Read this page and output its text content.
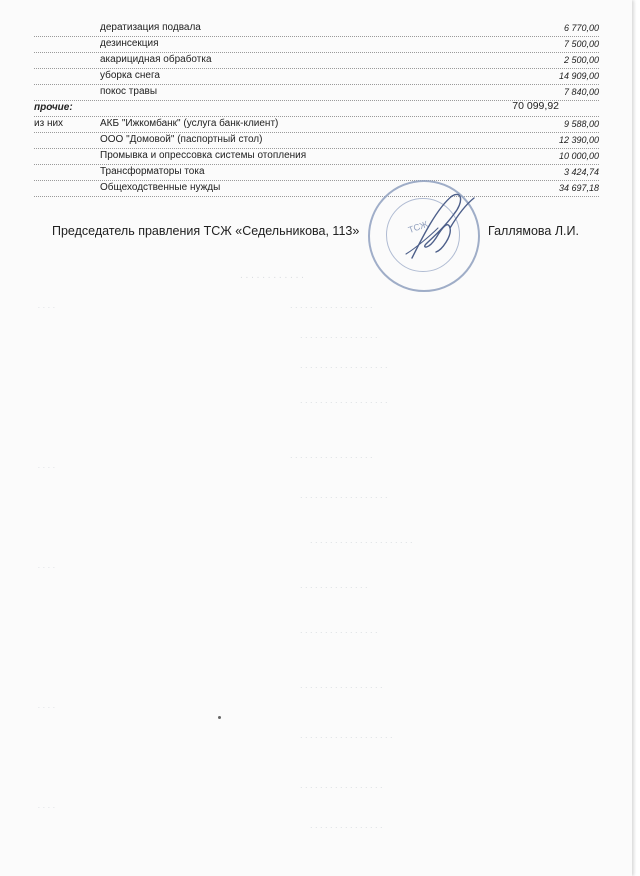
. . . . . . . . . . . .
. . . . . . . . . . . . . . . . .
. . . . . . . . . . . . . . . .
. . . . . . . . . . . . . . . . . .
. . . . . . . . . . . . . . . . . .
. . . . . . . . . . . . . . . . .
. . . . . . . . . . . . . . . . . .
. . . . . . . . . . . . . . . . . . . . .
. . . . . . . . . . . . . .
. . . . . . . . . . . . . . . .
. . . . . . . . . . . . . . . . .
. . . . . . . . . . . . . . . . . . .
. . . . . . . . . . . . . . . . .
. . . . . . . . . . . . . . .
. . . .
. . . .
. . . .
. . . .
. . . .
дератизация подвала	6 770,00
дезинсекция	7 500,00
акарицидная обработка	2 500,00
уборка снега	14 909,00
покос травы	7 840,00
прочие:	70 099,92
из них	АКБ "Ижкомбанк" (услуга банк-клиент)	9 588,00
ООО "Домовой" (паспортный стол)	12 390,00
Промывка и опрессовка системы отопления	10 000,00
Трансформаторы тока	3 424,74
Общеходственные нужды	34 697,18
Председатель правления ТСЖ «Седельникова, 113»	Галлямова Л.И.
ТСЖ
